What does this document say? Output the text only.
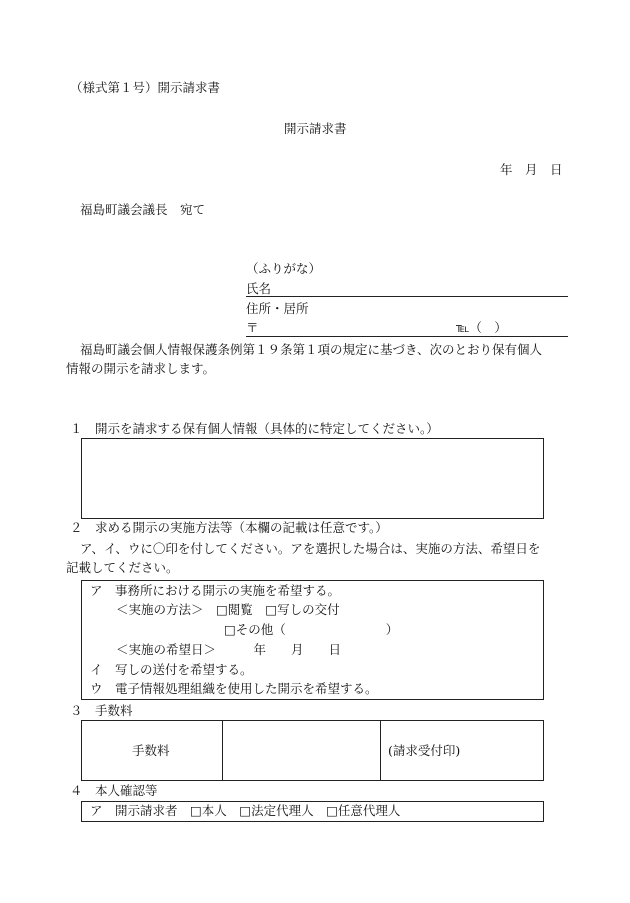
（様式第１号）開示請求書
開示請求書
年　月　日
福島町議会議長　宛て
（ふりがな）
氏名
住所・居所
〒	℡（　）
福島町議会個人情報保護条例第１９条第１項の規定に基づき、次のとおり保有個人
情報の開示を請求します。
１　開示を請求する保有個人情報（具体的に特定してください。）
２　求める開示の実施方法等（本欄の記載は任意です。）
ア、イ、ウに〇印を付してください。アを選択した場合は、実施の方法、希望日を
記載してください。
ア　事務所における開示の実施を希望する。
＜実施の方法＞　□閲覧　□写しの交付
□その他（　　　　　　　　）
＜実施の希望日＞　　　年　　月　　日
イ　写しの送付を希望する。
ウ　電子情報処理組織を使用した開示を希望する。
３　手数料
手数料	(請求受付印)
４　本人確認等
ア　開示請求者　□本人　□法定代理人　□任意代理人
